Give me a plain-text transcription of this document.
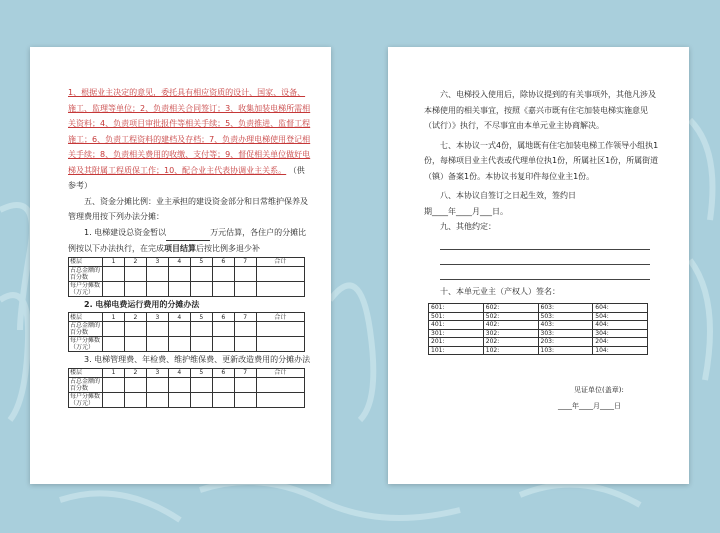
1、根据业主决定的意见，委托具有相应资质的设计、国家、设备、施工、监理等单位；2、负责相关合同签订；3、收集加装电梯所需相关资料；4、负责项目审批报件等相关手续；5、负责推进、监督工程施工；6、负责工程资料的建档及存档；7、负责办理电梯使用登记相关手续；8、负责相关费用的收缴、支付等；9、督促相关单位做好电梯及其附属工程质保工作；10、配合业主代表协调业主关系。 （供参考）

五、资金分摊比例：业主承担的建设资金部分和日常维护保养及管理费用按下列办法分摊：

1. 电梯建设总资金暂以	万元估算，各住户的分摊比例按以下办法执行，在完成项目结算后按比例多退少补

楼层	1	2	3	4	5	6	7	合计
占总金额的百分数								
每户分摊数（万元）								

2. 电梯电费运行费用的分摊办法

楼层	1	2	3	4	5	6	7	合计
占总金额的百分数								
每户分摊数（万元）								

3. 电梯管理费、年检费、维护维保费、更新改造费用的分摊办法

楼层	1	2	3	4	5	6	7	合计
占总金额的百分数								
每户分摊数（万元）								

六、电梯投入使用后，除协议提到的有关事项外，其他凡涉及本梯使用的相关事宜，按照《嘉兴市既有住宅加装电梯实施意见（试行）》执行，不尽事宜由本单元业主协商解决。

七、本协议一式4份，属地既有住宅加装电梯工作领导小组执1份，每梯项目业主代表或代理单位执1份，所属社区1份，所属街道（镇）备案1份。本协议书复印件每位业主1份。

八、本协议自签订之日起生效，签约日

期____年____月___日。

九、其他约定：

十、本单元业主（产权人）签名：

601:	602:	603:	604:
501:	502:	503:	504:
401:	402:	403:	404:
301:	302:	303:	304:
201:	202:	203:	204:
101:	102:	103:	104:

见证单位(盖章):

____年____月____日
